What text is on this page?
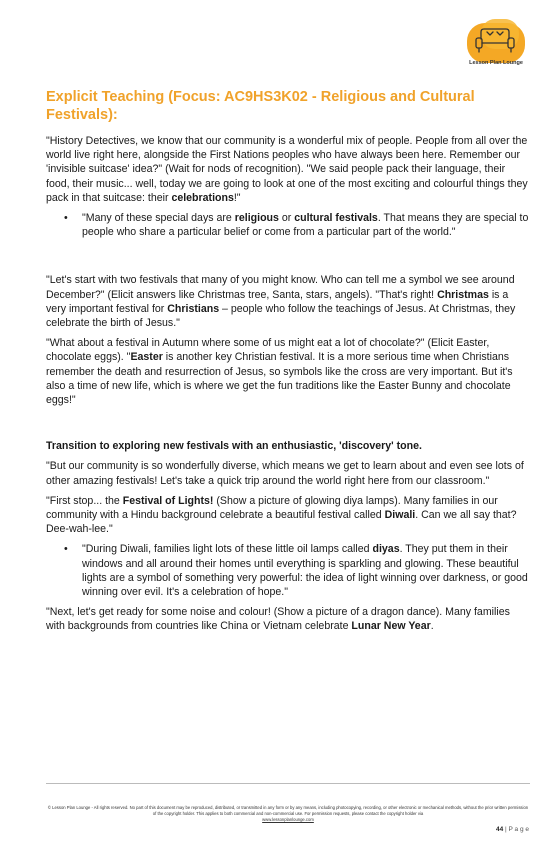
Lesson Plan Lounge
Explicit Teaching (Focus: AC9HS3K02 - Religious and Cultural Festivals):

"History Detectives, we know that our community is a wonderful mix of people. People from all over the world live right here, alongside the First Nations peoples who have always been here. Remember our 'invisible suitcase' idea?" (Wait for nods of recognition). "We said people pack their language, their food, their music... well, today we are going to look at one of the most exciting and colourful things they pack in that suitcase: their celebrations!"

•	"Many of these special days are religious or cultural festivals. That means they are special to people who share a particular belief or come from a particular part of the world."

"Let's start with two festivals that many of you might know. Who can tell me a symbol we see around December?" (Elicit answers like Christmas tree, Santa, stars, angels). "That's right! Christmas is a very important festival for Christians – people who follow the teachings of Jesus. At Christmas, they celebrate the birth of Jesus."

"What about a festival in Autumn where some of us might eat a lot of chocolate?" (Elicit Easter, chocolate eggs). "Easter is another key Christian festival. It is a more serious time when Christians remember the death and resurrection of Jesus, so symbols like the cross are very important. But it's also a time of new life, which is where we get the fun traditions like the Easter Bunny and chocolate eggs!"

Transition to exploring new festivals with an enthusiastic, 'discovery' tone.

"But our community is so wonderfully diverse, which means we get to learn about and even see lots of other amazing festivals! Let's take a quick trip around the world right here from our classroom."

"First stop... the Festival of Lights! (Show a picture of glowing diya lamps). Many families in our community with a Hindu background celebrate a beautiful festival called Diwali. Can we all say that? Dee-wah-lee."

•	"During Diwali, families light lots of these little oil lamps called diyas. They put them in their windows and all around their homes until everything is sparkling and glowing. These beautiful lights are a symbol of something very powerful: the idea of light winning over darkness, or good winning over evil. It's a celebration of hope."

"Next, let's get ready for some noise and colour! (Show a picture of a dragon dance). Many families with backgrounds from countries like China or Vietnam celebrate Lunar New Year.

© Lesson Plan Lounge - All rights reserved. No part of this document may be reproduced, distributed, or transmitted in any form or by any means, including photocopying, recording, or other electronic or mechanical methods, without the prior written permission of the copyright holder. This applies to both commercial and non-commercial use. For permission requests, please contact the copyright holder via
www.lessonplanlounge.com
44 | P a g e
